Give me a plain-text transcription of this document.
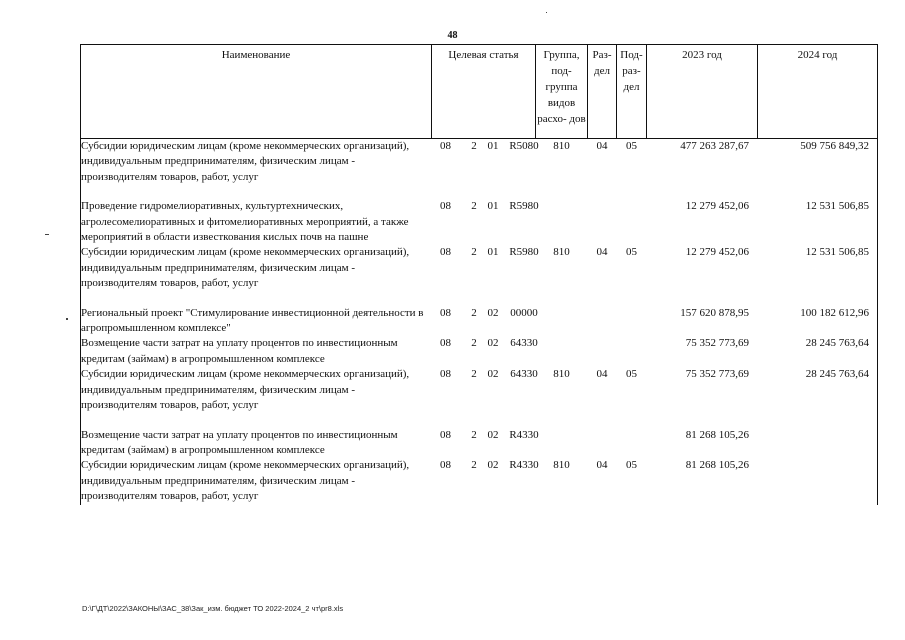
48
Наименование	Целевая статья	Группа, под- группа видов расхо- дов	Раз- дел	Под- раз- дел	2023 год	2024 год
Субсидии юридическим лицам (кроме некоммерческих организаций), индивидуальным предпринимателям, физическим лицам - производителям товаров, работ, услуг	08 2 01 R5080	810	04	05	477 263 287,67	509 756 849,32

Проведение гидромелиоративных, культуртехнических, агролесомелиоративных и фитомелиоративных мероприятий, а также мероприятий в области известкования кислых почв на пашне	08 2 01 R5980				12 279 452,06	12 531 506,85
Субсидии юридическим лицам (кроме некоммерческих организаций), индивидуальным предпринимателям, физическим лицам - производителям товаров, работ, услуг	08 2 01 R5980	810	04	05	12 279 452,06	12 531 506,85

Региональный проект "Стимулирование инвестиционной деятельности в агропромышленном комплексе"	08 2 02 00000				157 620 878,95	100 182 612,96
Возмещение части затрат на уплату процентов по инвестиционным кредитам (займам) в агропромышленном комплексе	08 2 02 64330				75 352 773,69	28 245 763,64
Субсидии юридическим лицам (кроме некоммерческих организаций), индивидуальным предпринимателям, физическим лицам - производителям товаров, работ, услуг	08 2 02 64330	810	04	05	75 352 773,69	28 245 763,64

Возмещение части затрат на уплату процентов по инвестиционным кредитам (займам) в агропромышленном комплексе	08 2 02 R4330				81 268 105,26	
Субсидии юридическим лицам (кроме некоммерческих организаций), индивидуальным предпринимателям, физическим лицам - производителям товаров, работ, услуг	08 2 02 R4330	810	04	05	81 268 105,26	
D:\Г\ДТ\2022\ЗАКОНЫ\ЗАС_38\Зак_изм. бюджет ТО 2022-2024_2 чт\pr8.xls
